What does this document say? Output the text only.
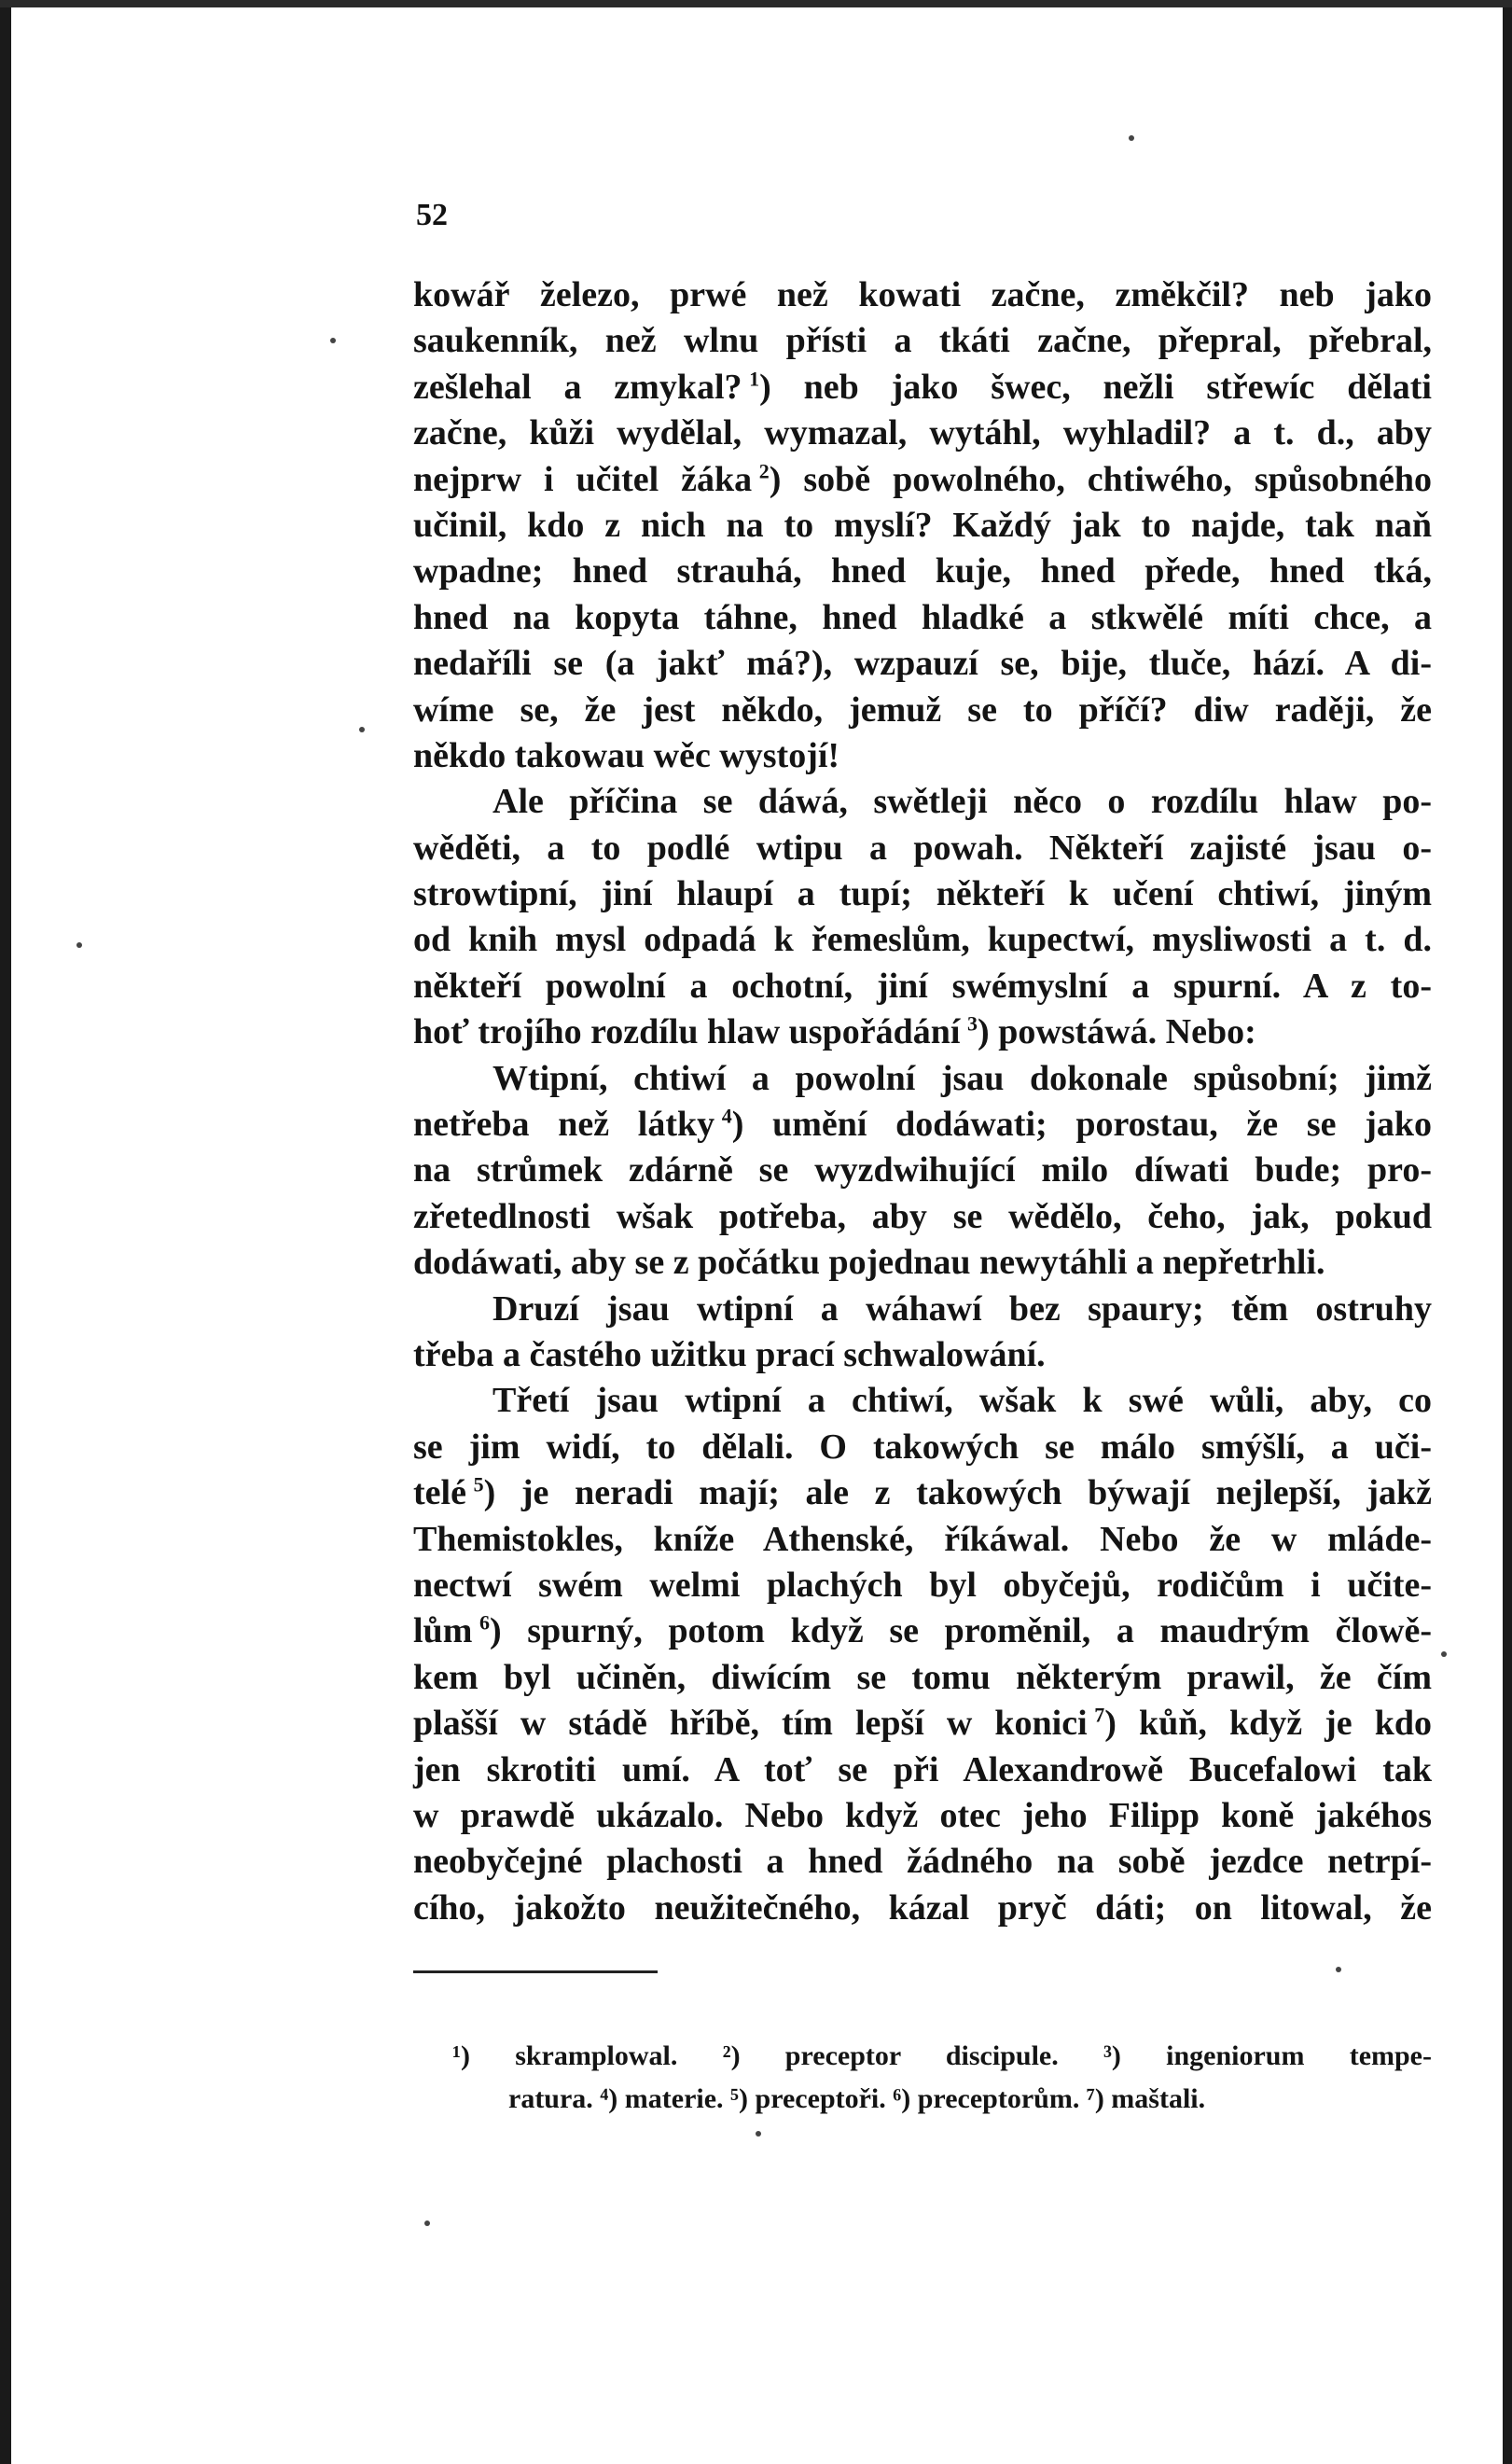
52
kowář železo, prwé než kowati začne, změkčil? neb jako
saukenník, než wlnu přísti a tkáti začne, přepral, přebral,
zešlehal a zmykal?  $^1$) neb jako šwec, nežli střewíc dělati
začne, kůži wydělal, wymazal, wytáhl, wyhladil? a t. d., aby
nejprw i učitel žáka  $^2$) sobě powolného, chtiwého, spůsobného
učinil, kdo z nich na to myslí? Každý jak to najde, tak naň
wpadne; hned strauhá, hned kuje, hned přede, hned tká,
hned na kopyta táhne, hned hladké a stkwělé míti chce, a
nedaříli se (a jakť má?), wzpauzí se, bije, tluče, hází. A di-
wíme se, že jest někdo, jemuž se to příčí? diw raději, že
někdo takowau wěc wystojí!
Ale příčina se dáwá, swětleji něco o rozdílu hlaw po-
wěděti, a to podlé wtipu a powah. Někteří zajisté jsau o-
strowtipní, jiní hlaupí a tupí; někteří k učení chtiwí, jiným
od knih mysl odpadá k řemeslům, kupectwí, mysliwosti a t. d.
někteří powolní a ochotní, jiní swémyslní a spurní. A z to-
hoť trojího rozdílu hlaw uspořádání  $^3$) powstáwá. Nebo:
Wtipní, chtiwí a powolní jsau dokonale spůsobní; jimž
netřeba než látky  $^4$) umění dodáwati; porostau, že se jako
na strůmek zdárně se wyzdwihující milo díwati bude; pro-
zřetedlnosti wšak potřeba, aby se wědělo, čeho, jak, pokud
dodáwati, aby se z počátku pojednau newytáhli a nepřetrhli.
Druzí jsau wtipní a wáhawí bez spaury; těm ostruhy
třeba a častého užitku prací schwalowání.
Třetí jsau wtipní a chtiwí, wšak k swé wůli, aby, co
se jim widí, to dělali. O takowých se málo smýšlí, a uči-
telé  $^5$) je neradi mají; ale z takowých býwají nejlepší, jakž
Themistokles, kníže Athenské, říkáwal. Nebo že w mláde-
nectwí swém welmi plachých byl obyčejů, rodičům i učite-
lům  $^6$) spurný, potom když se proměnil, a maudrým člowě-
kem byl učiněn, diwícím se tomu některým prawil, že čím
plašší w stádě hříbě, tím lepší w konici  $^7$) kůň, když je kdo
jen skrotiti umí. A toť se při Alexandrowě Bucefalowi tak
w prawdě ukázalo. Nebo když otec jeho Filipp koně jakéhos
neobyčejné plachosti a hned žádného na sobě jezdce netrpí-
cího, jakožto neužitečného, kázal pryč dáti; on litowal, že
¹) skramplowal. ²) preceptor discipule. ³) ingeniorum tempe-
ratura. ⁴) materie. ⁵) preceptoři. ⁶) preceptorům. ⁷) maštali.
